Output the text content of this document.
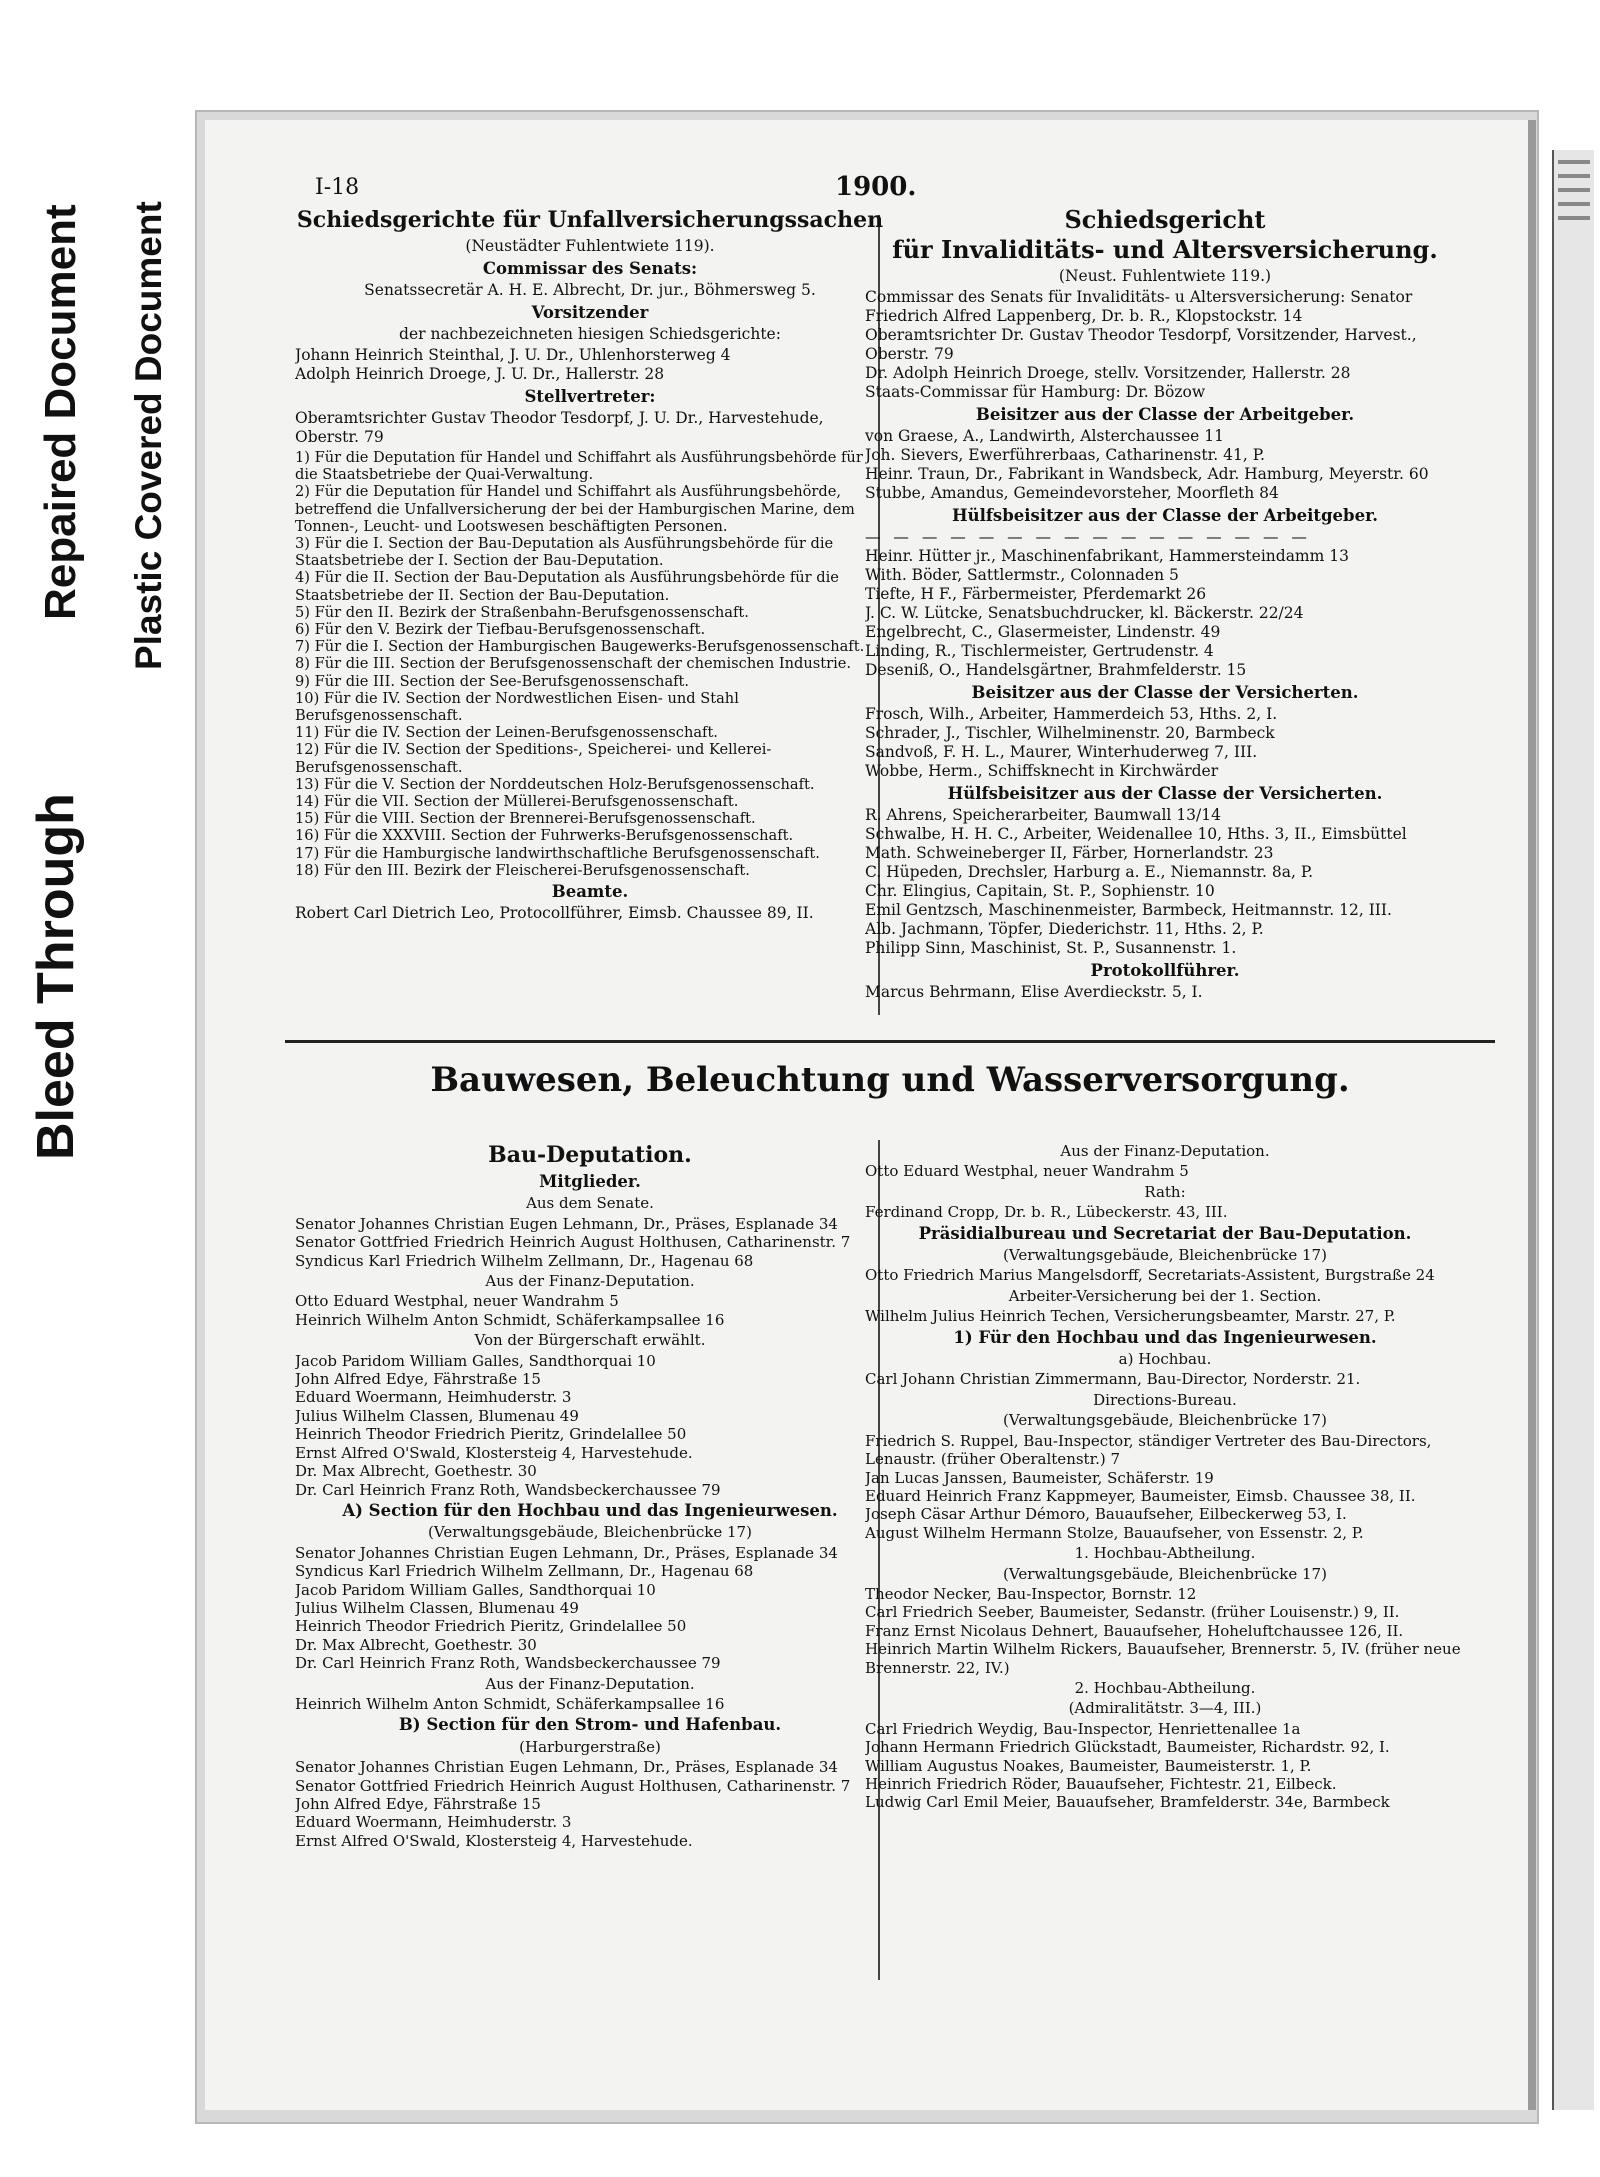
Bleed Through
Plastic Covered Document
Repaired Document
I-18	1900.
Schiedsgerichte für Unfallversicherungssachen
(Neustädter Fuhlentwiete 119).
Commissar des Senats:
Senatssecretär A. H. E. Albrecht, Dr. jur., Böhmersweg 5.
Vorsitzender
der nachbezeichneten hiesigen Schiedsgerichte:
Johann Heinrich Steinthal, J. U. Dr., Uhlenhorsterweg 4
Adolph Heinrich Droege, J. U. Dr., Hallerstr. 28
Stellvertreter:
Oberamtsrichter Gustav Theodor Tesdorpf, J. U. Dr., Harvestehude, Oberstr. 79
1) Für die Deputation für Handel und Schiffahrt als Ausführungsbehörde für die Staatsbetriebe der Quai-Verwaltung.
2) Für die Deputation für Handel und Schiffahrt als Ausführungsbehörde, betreffend die Unfallversicherung der bei der Hamburgischen Marine, dem Tonnen-, Leucht- und Lootswesen beschäftigten Personen.
3) Für die I. Section der Bau-Deputation als Ausführungsbehörde für die Staatsbetriebe der I. Section der Bau-Deputation.
4) Für die II. Section der Bau-Deputation als Ausführungsbehörde für die Staatsbetriebe der II. Section der Bau-Deputation.
5) Für den II. Bezirk der Straßenbahn-Berufsgenossenschaft.
6) Für den V. Bezirk der Tiefbau-Berufsgenossenschaft.
7) Für die I. Section der Hamburgischen Baugewerks-Berufsgenossenschaft.
8) Für die III. Section der Berufsgenossenschaft der chemischen Industrie.
9) Für die III. Section der See-Berufsgenossenschaft.
10) Für die IV. Section der Nordwestlichen Eisen- und Stahl Berufsgenossenschaft.
11) Für die IV. Section der Leinen-Berufsgenossenschaft.
12) Für die IV. Section der Speditions-, Speicherei- und Kellerei-Berufsgenossenschaft.
13) Für die V. Section der Norddeutschen Holz-Berufsgenossenschaft.
14) Für die VII. Section der Müllerei-Berufsgenossenschaft.
15) Für die VIII. Section der Brennerei-Berufsgenossenschaft.
16) Für die XXXVIII. Section der Fuhrwerks-Berufsgenossenschaft.
17) Für die Hamburgische landwirthschaftliche Berufsgenossenschaft.
18) Für den III. Bezirk der Fleischerei-Berufsgenossenschaft.
Beamte.
Robert Carl Dietrich Leo, Protocollführer, Eimsb. Chaussee 89, II.
Schiedsgericht
für Invaliditäts- und Altersversicherung.
(Neust. Fuhlentwiete 119.)
Commissar des Senats für Invaliditäts- u Altersversicherung: Senator Friedrich Alfred Lappenberg, Dr. b. R., Klopstockstr. 14
Oberamtsrichter Dr. Gustav Theodor Tesdorpf, Vorsitzender, Harvest., Oberstr. 79
Dr. Adolph Heinrich Droege, stellv. Vorsitzender, Hallerstr. 28
Staats-Commissar für Hamburg: Dr. Bözow
Beisitzer aus der Classe der Arbeitgeber.
von Graese, A., Landwirth, Alsterchaussee 11
Joh. Sievers, Ewerführerbaas, Catharinenstr. 41, P.
Heinr. Traun, Dr., Fabrikant in Wandsbeck, Adr. Hamburg, Meyerstr. 60
Stubbe, Amandus, Gemeindevorsteher, Moorfleth 84
Hülfsbeisitzer aus der Classe der Arbeitgeber.
— — — — — — — — — — — — — — — —
Heinr. Hütter jr., Maschinenfabrikant, Hammersteindamm 13
With. Böder, Sattlermstr., Colonnaden 5
Tiefte, H F., Färbermeister, Pferdemarkt 26
J. C. W. Lütcke, Senatsbuchdrucker, kl. Bäckerstr. 22/24
Engelbrecht, C., Glasermeister, Lindenstr. 49
Linding, R., Tischlermeister, Gertrudenstr. 4
Deseniß, O., Handelsgärtner, Brahmfelderstr. 15
Beisitzer aus der Classe der Versicherten.
Frosch, Wilh., Arbeiter, Hammerdeich 53, Hths. 2, I.
Schrader, J., Tischler, Wilhelminenstr. 20, Barmbeck
Sandvoß, F. H. L., Maurer, Winterhuderweg 7, III.
Wobbe, Herm., Schiffsknecht in Kirchwärder
Hülfsbeisitzer aus der Classe der Versicherten.
R. Ahrens, Speicherarbeiter, Baumwall 13/14
Schwalbe, H. H. C., Arbeiter, Weidenallee 10, Hths. 3, II., Eimsbüttel
Math. Schweineberger II, Färber, Hornerlandstr. 23
C. Hüpeden, Drechsler, Harburg a. E., Niemannstr. 8a, P.
Chr. Elingius, Capitain, St. P., Sophienstr. 10
Emil Gentzsch, Maschinenmeister, Barmbeck, Heitmannstr. 12, III.
Alb. Jachmann, Töpfer, Diederichstr. 11, Hths. 2, P.
Philipp Sinn, Maschinist, St. P., Susannenstr. 1.
Protokollführer.
Marcus Behrmann, Elise Averdieckstr. 5, I.
Bauwesen, Beleuchtung und Wasserversorgung.
Bau-Deputation.
Mitglieder.
Aus dem Senate.
Senator Johannes Christian Eugen Lehmann, Dr., Präses, Esplanade 34
Senator Gottfried Friedrich Heinrich August Holthusen, Catharinenstr. 7
Syndicus Karl Friedrich Wilhelm Zellmann, Dr., Hagenau 68
Aus der Finanz-Deputation.
Otto Eduard Westphal, neuer Wandrahm 5
Heinrich Wilhelm Anton Schmidt, Schäferkampsallee 16
Von der Bürgerschaft erwählt.
Jacob Paridom William Galles, Sandthorquai 10
John Alfred Edye, Fährstraße 15
Eduard Woermann, Heimhuderstr. 3
Julius Wilhelm Classen, Blumenau 49
Heinrich Theodor Friedrich Pieritz, Grindelallee 50
Ernst Alfred O'Swald, Klostersteig 4, Harvestehude.
Dr. Max Albrecht, Goethestr. 30
Dr. Carl Heinrich Franz Roth, Wandsbeckerchaussee 79
A) Section für den Hochbau und das Ingenieurwesen.
(Verwaltungsgebäude, Bleichenbrücke 17)
Senator Johannes Christian Eugen Lehmann, Dr., Präses, Esplanade 34
Syndicus Karl Friedrich Wilhelm Zellmann, Dr., Hagenau 68
Jacob Paridom William Galles, Sandthorquai 10
Julius Wilhelm Classen, Blumenau 49
Heinrich Theodor Friedrich Pieritz, Grindelallee 50
Dr. Max Albrecht, Goethestr. 30
Dr. Carl Heinrich Franz Roth, Wandsbeckerchaussee 79
Aus der Finanz-Deputation.
Heinrich Wilhelm Anton Schmidt, Schäferkampsallee 16
B) Section für den Strom- und Hafenbau.
(Harburgerstraße)
Senator Johannes Christian Eugen Lehmann, Dr., Präses, Esplanade 34
Senator Gottfried Friedrich Heinrich August Holthusen, Catharinenstr. 7
John Alfred Edye, Fährstraße 15
Eduard Woermann, Heimhuderstr. 3
Ernst Alfred O'Swald, Klostersteig 4, Harvestehude.
Aus der Finanz-Deputation.
Otto Eduard Westphal, neuer Wandrahm 5
Rath:
Ferdinand Cropp, Dr. b. R., Lübeckerstr. 43, III.
Präsidialbureau und Secretariat der Bau-Deputation.
(Verwaltungsgebäude, Bleichenbrücke 17)
Otto Friedrich Marius Mangelsdorff, Secretariats-Assistent, Burgstraße 24
Arbeiter-Versicherung bei der 1. Section.
Wilhelm Julius Heinrich Techen, Versicherungsbeamter, Marstr. 27, P.
1) Für den Hochbau und das Ingenieurwesen.
a) Hochbau.
Carl Johann Christian Zimmermann, Bau-Director, Norderstr. 21.
Directions-Bureau.
(Verwaltungsgebäude, Bleichenbrücke 17)
Friedrich S. Ruppel, Bau-Inspector, ständiger Vertreter des Bau-Directors, Lenaustr. (früher Oberaltenstr.) 7
Jan Lucas Janssen, Baumeister, Schäferstr. 19
Eduard Heinrich Franz Kappmeyer, Baumeister, Eimsb. Chaussee 38, II.
Joseph Cäsar Arthur Démoro, Bauaufseher, Eilbeckerweg 53, I.
August Wilhelm Hermann Stolze, Bauaufseher, von Essenstr. 2, P.
1. Hochbau-Abtheilung.
(Verwaltungsgebäude, Bleichenbrücke 17)
Theodor Necker, Bau-Inspector, Bornstr. 12
Carl Friedrich Seeber, Baumeister, Sedanstr. (früher Louisenstr.) 9, II.
Franz Ernst Nicolaus Dehnert, Bauaufseher, Hoheluftchaussee 126, II.
Heinrich Martin Wilhelm Rickers, Bauaufseher, Brennerstr. 5, IV. (früher neue Brennerstr. 22, IV.)
2. Hochbau-Abtheilung.
(Admiralitätstr. 3—4, III.)
Carl Friedrich Weydig, Bau-Inspector, Henriettenallee 1a
Johann Hermann Friedrich Glückstadt, Baumeister, Richardstr. 92, I.
William Augustus Noakes, Baumeister, Baumeisterstr. 1, P.
Heinrich Friedrich Röder, Bauaufseher, Fichtestr. 21, Eilbeck.
Ludwig Carl Emil Meier, Bauaufseher, Bramfelderstr. 34e, Barmbeck
